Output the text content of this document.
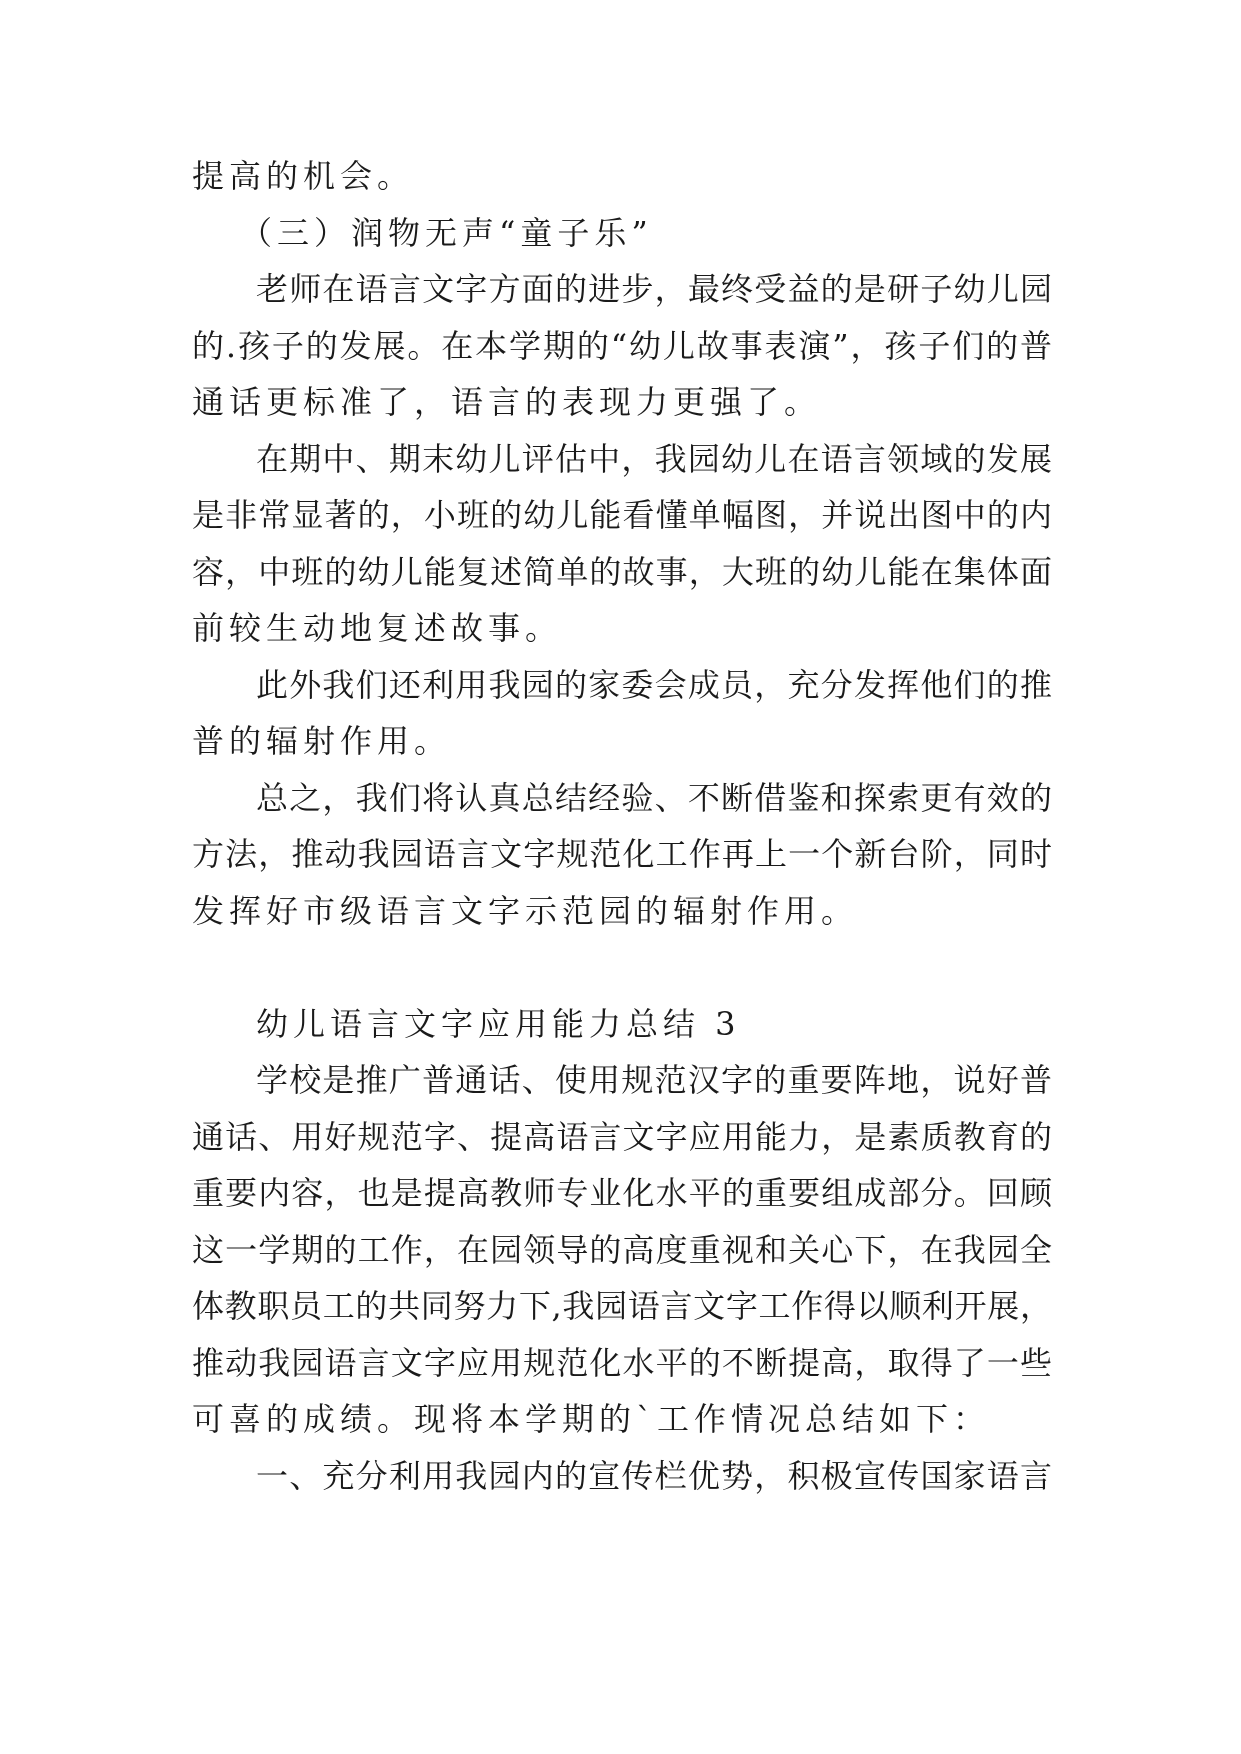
提高的机会。
（三）润物无声“童子乐”
老师在语言文字方面的进步，最终受益的是研子幼儿园
的.孩子的发展。在本学期的“幼儿故事表演”，孩子们的普
通话更标准了，语言的表现力更强了。
在期中、期末幼儿评估中，我园幼儿在语言领域的发展
是非常显著的，小班的幼儿能看懂单幅图，并说出图中的内
容，中班的幼儿能复述简单的故事，大班的幼儿能在集体面
前较生动地复述故事。
此外我们还利用我园的家委会成员，充分发挥他们的推
普的辐射作用。
总之，我们将认真总结经验、不断借鉴和探索更有效的
方法，推动我园语言文字规范化工作再上一个新台阶，同时
发挥好市级语言文字示范园的辐射作用。
幼儿语言文字应用能力总结 3
学校是推广普通话、使用规范汉字的重要阵地，说好普
通话、用好规范字、提高语言文字应用能力，是素质教育的
重要内容，也是提高教师专业化水平的重要组成部分。回顾
这一学期的工作，在园领导的高度重视和关心下，在我园全
体教职员工的共同努力下,我园语言文字工作得以顺利开展，
推动我园语言文字应用规范化水平的不断提高，取得了一些
可喜的成绩。现将本学期的`工作情况总结如下：
一、充分利用我园内的宣传栏优势，积极宣传国家语言
